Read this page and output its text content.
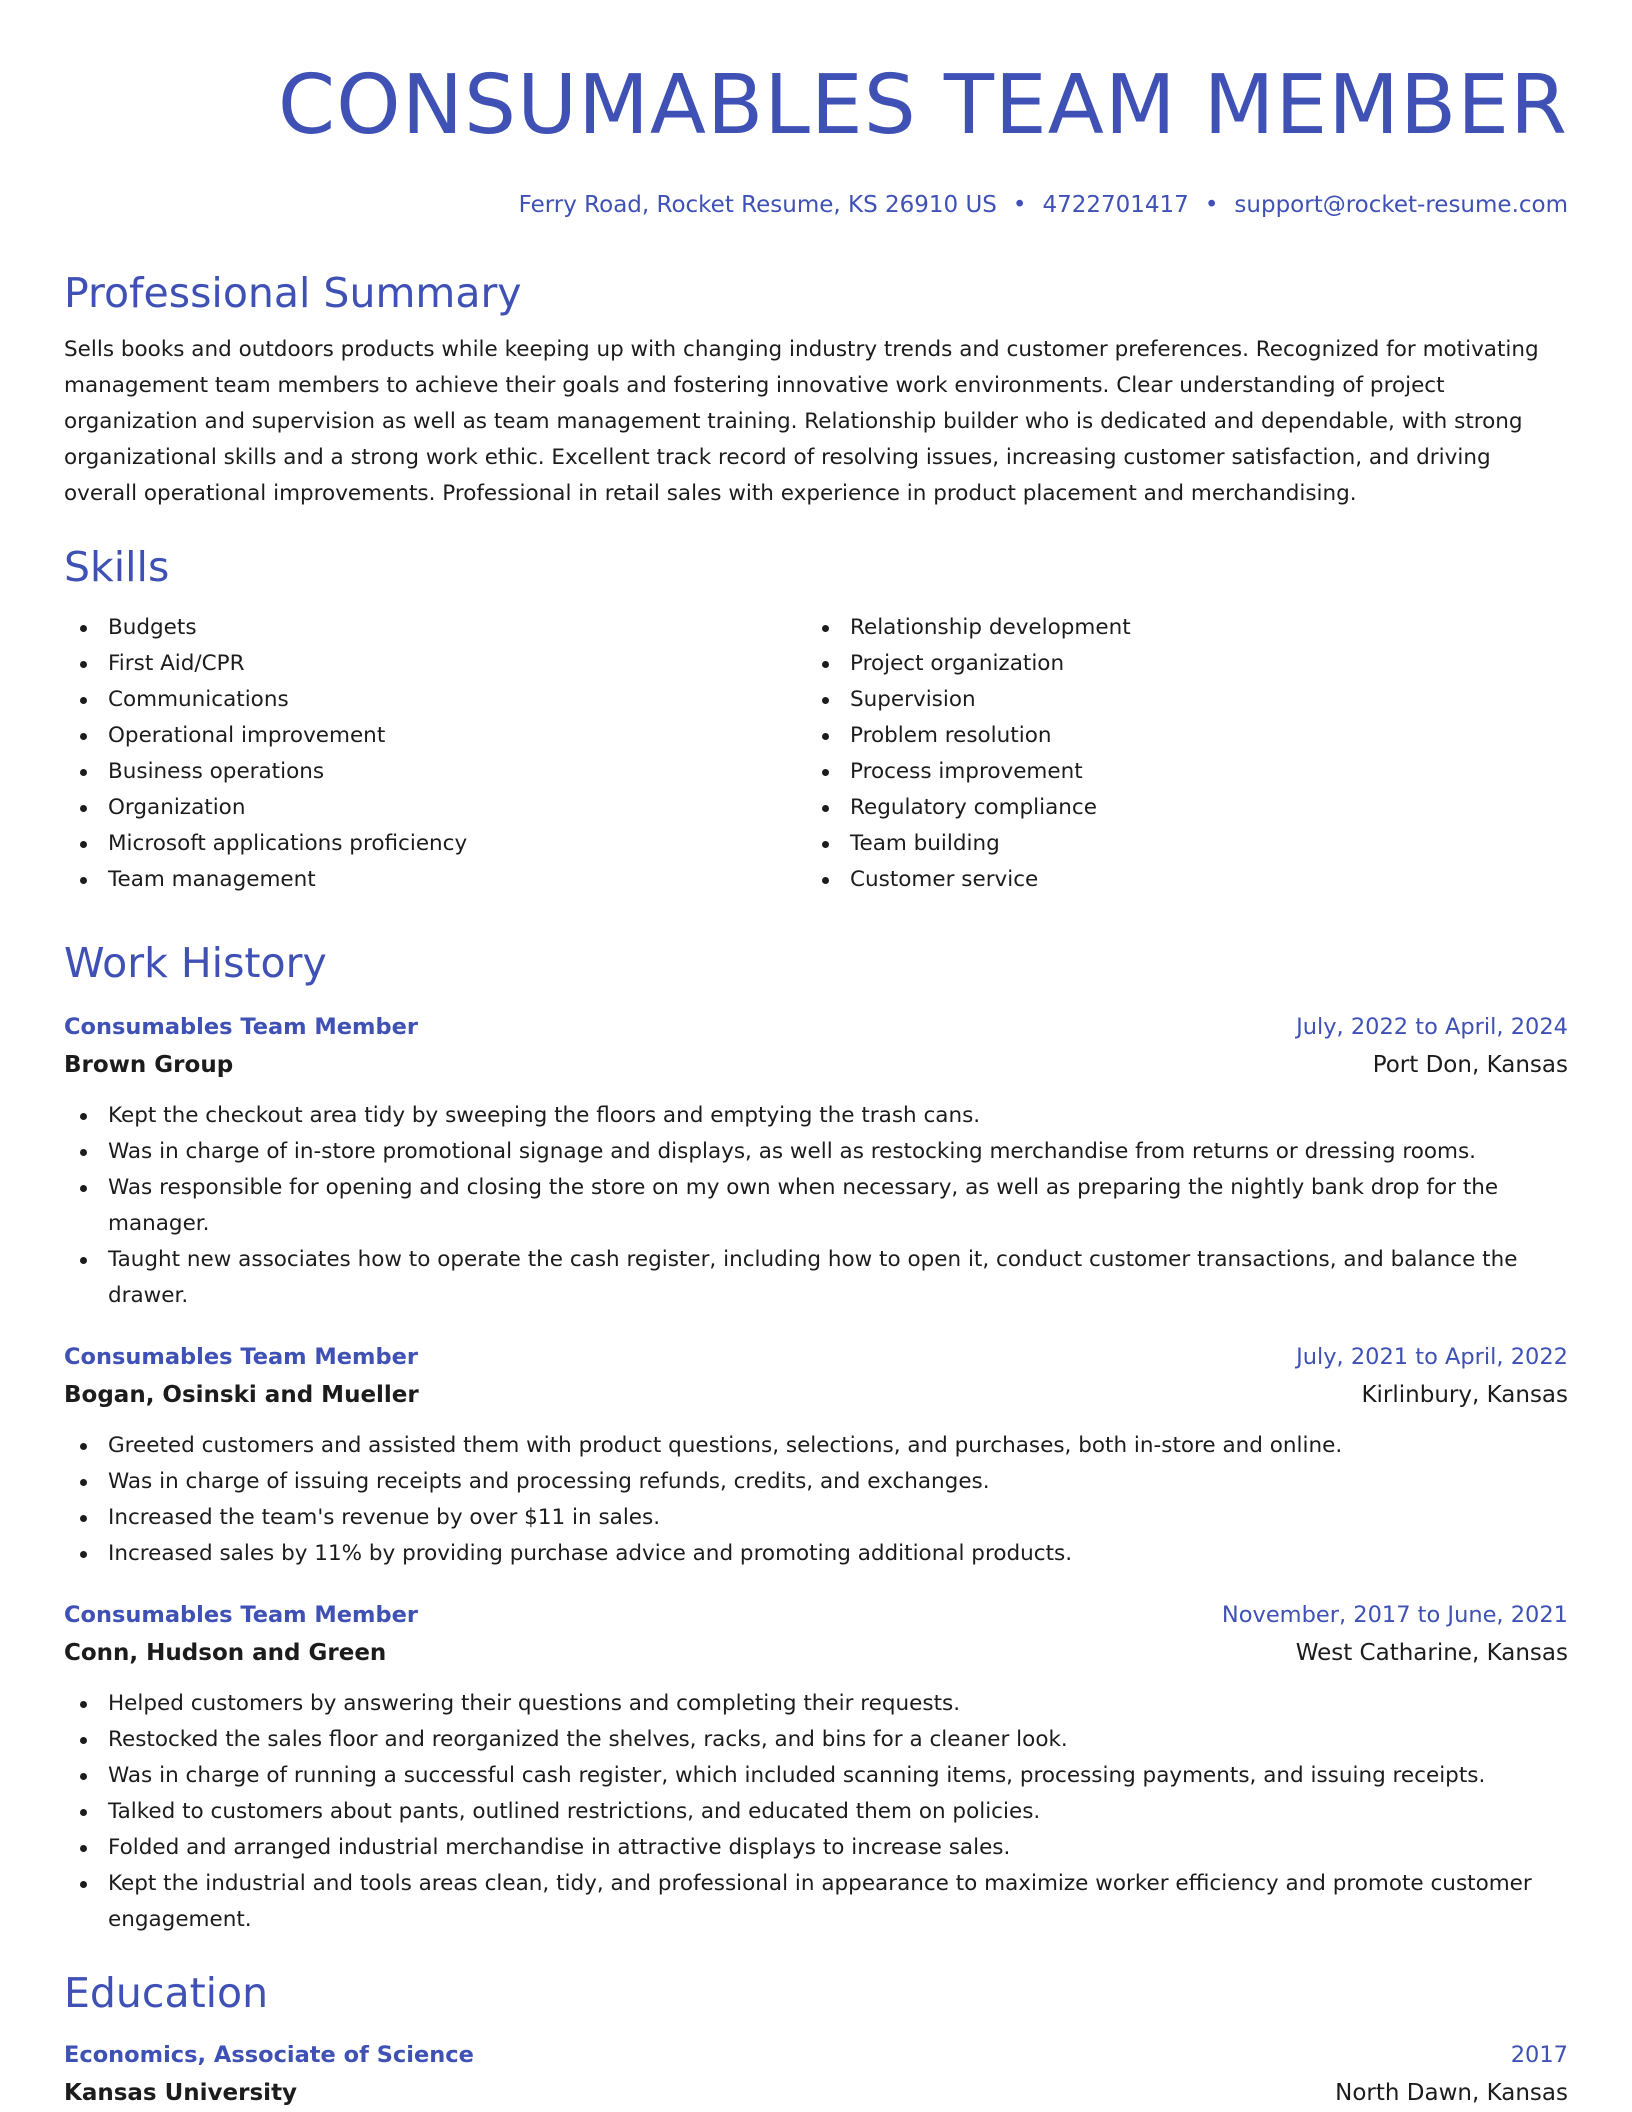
CONSUMABLES TEAM MEMBER
Ferry Road, Rocket Resume, KS 26910 US • 4722701417 • support@rocket-resume.com
Professional Summary
Sells books and outdoors products while keeping up with changing industry trends and customer preferences. Recognized for motivating management team members to achieve their goals and fostering innovative work environments. Clear understanding of project organization and supervision as well as team management training. Relationship builder who is dedicated and dependable, with strong organizational skills and a strong work ethic. Excellent track record of resolving issues, increasing customer satisfaction, and driving overall operational improvements. Professional in retail sales with experience in product placement and merchandising.
Skills
Budgets
First Aid/CPR
Communications
Operational improvement
Business operations
Organization
Microsoft applications proficiency
Team management
Relationship development
Project organization
Supervision
Problem resolution
Process improvement
Regulatory compliance
Team building
Customer service
Work History
Consumables Team Member	July, 2022 to April, 2024
Brown Group	Port Don, Kansas
Kept the checkout area tidy by sweeping the floors and emptying the trash cans.
Was in charge of in-store promotional signage and displays, as well as restocking merchandise from returns or dressing rooms.
Was responsible for opening and closing the store on my own when necessary, as well as preparing the nightly bank drop for the manager.
Taught new associates how to operate the cash register, including how to open it, conduct customer transactions, and balance the drawer.
Consumables Team Member	July, 2021 to April, 2022
Bogan, Osinski and Mueller	Kirlinbury, Kansas
Greeted customers and assisted them with product questions, selections, and purchases, both in-store and online.
Was in charge of issuing receipts and processing refunds, credits, and exchanges.
Increased the team's revenue by over $11 in sales.
Increased sales by 11% by providing purchase advice and promoting additional products.
Consumables Team Member	November, 2017 to June, 2021
Conn, Hudson and Green	West Catharine, Kansas
Helped customers by answering their questions and completing their requests.
Restocked the sales floor and reorganized the shelves, racks, and bins for a cleaner look.
Was in charge of running a successful cash register, which included scanning items, processing payments, and issuing receipts.
Talked to customers about pants, outlined restrictions, and educated them on policies.
Folded and arranged industrial merchandise in attractive displays to increase sales.
Kept the industrial and tools areas clean, tidy, and professional in appearance to maximize worker efficiency and promote customer engagement.
Education
Economics, Associate of Science	2017
Kansas University	North Dawn, Kansas
